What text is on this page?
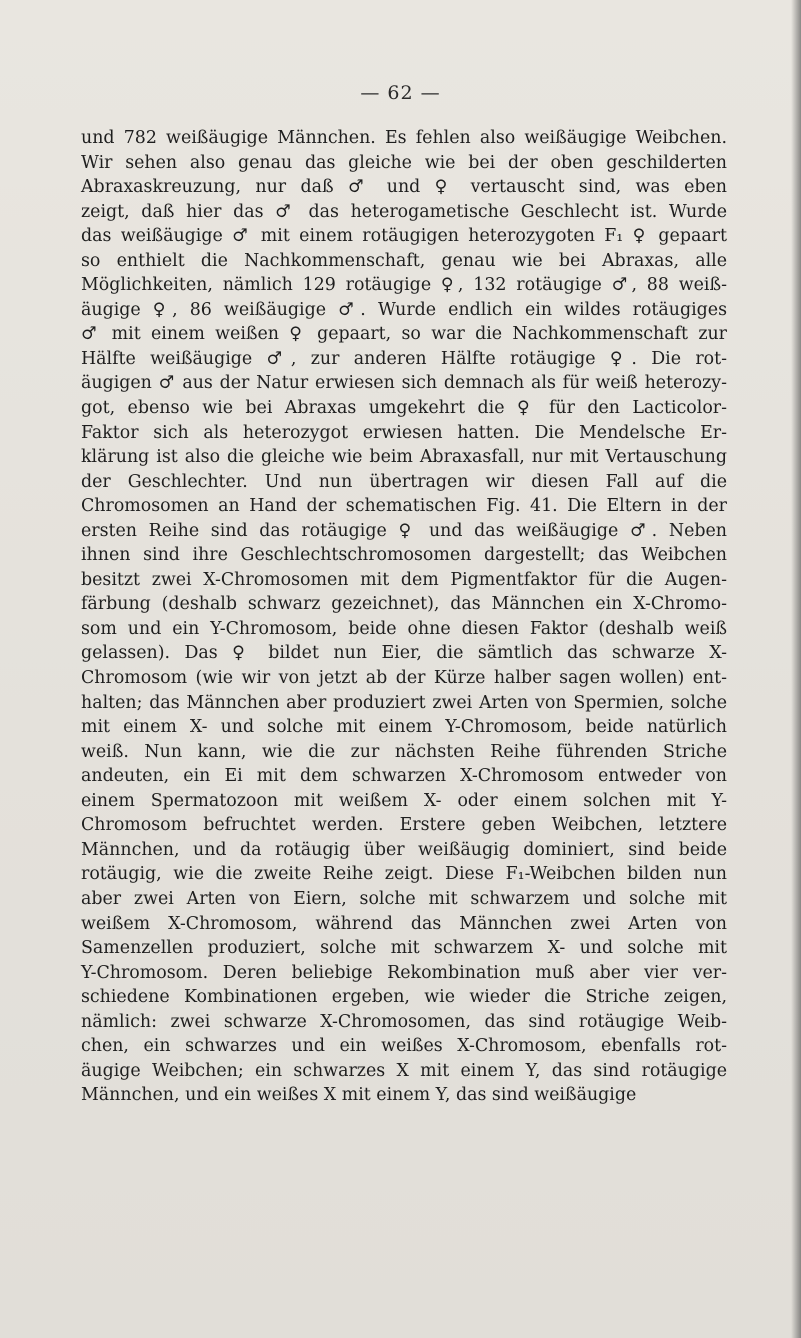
— 62 —
und 782 weißäugige Männchen. Es fehlen also weißäugige Weibchen.
Wir sehen also genau das gleiche wie bei der oben geschilderten
Abraxaskreuzung, nur daß ♂ und ♀ vertauscht sind, was eben
zeigt, daß hier das ♂ das heterogametische Geschlecht ist. Wurde
das weißäugige ♂ mit einem rotäugigen heterozygoten F₁ ♀ gepaart
so enthielt die Nachkommenschaft, genau wie bei Abraxas, alle
Möglichkeiten, nämlich 129 rotäugige ♀, 132 rotäugige ♂, 88 weiß-
äugige ♀, 86 weißäugige ♂. Wurde endlich ein wildes rotäugiges
♂ mit einem weißen ♀ gepaart, so war die Nachkommenschaft zur
Hälfte weißäugige ♂, zur anderen Hälfte rotäugige ♀. Die rot-
äugigen ♂ aus der Natur erwiesen sich demnach als für weiß heterozy-
got, ebenso wie bei Abraxas umgekehrt die ♀ für den Lacticolor-
Faktor sich als heterozygot erwiesen hatten. Die Mendelsche Er-
klärung ist also die gleiche wie beim Abraxasfall, nur mit Vertauschung
der Geschlechter. Und nun übertragen wir diesen Fall auf die
Chromosomen an Hand der schematischen Fig. 41. Die Eltern in der
ersten Reihe sind das rotäugige ♀ und das weißäugige ♂. Neben
ihnen sind ihre Geschlechtschromosomen dargestellt; das Weibchen
besitzt zwei X-Chromosomen mit dem Pigmentfaktor für die Augen-
färbung (deshalb schwarz gezeichnet), das Männchen ein X-Chromo-
som und ein Y-Chromosom, beide ohne diesen Faktor (deshalb weiß
gelassen). Das ♀ bildet nun Eier, die sämtlich das schwarze X-
Chromosom (wie wir von jetzt ab der Kürze halber sagen wollen) ent-
halten; das Männchen aber produziert zwei Arten von Spermien, solche
mit einem X- und solche mit einem Y-Chromosom, beide natürlich
weiß. Nun kann, wie die zur nächsten Reihe führenden Striche
andeuten, ein Ei mit dem schwarzen X-Chromosom entweder von
einem Spermatozoon mit weißem X- oder einem solchen mit Y-
Chromosom befruchtet werden. Erstere geben Weibchen, letztere
Männchen, und da rotäugig über weißäugig dominiert, sind beide
rotäugig, wie die zweite Reihe zeigt. Diese F₁-Weibchen bilden nun
aber zwei Arten von Eiern, solche mit schwarzem und solche mit
weißem X-Chromosom, während das Männchen zwei Arten von
Samenzellen produziert, solche mit schwarzem X- und solche mit
Y-Chromosom. Deren beliebige Rekombination muß aber vier ver-
schiedene Kombinationen ergeben, wie wieder die Striche zeigen,
nämlich: zwei schwarze X-Chromosomen, das sind rotäugige Weib-
chen, ein schwarzes und ein weißes X-Chromosom, ebenfalls rot-
äugige Weibchen; ein schwarzes X mit einem Y, das sind rotäugige
Männchen, und ein weißes X mit einem Y, das sind weißäugige
